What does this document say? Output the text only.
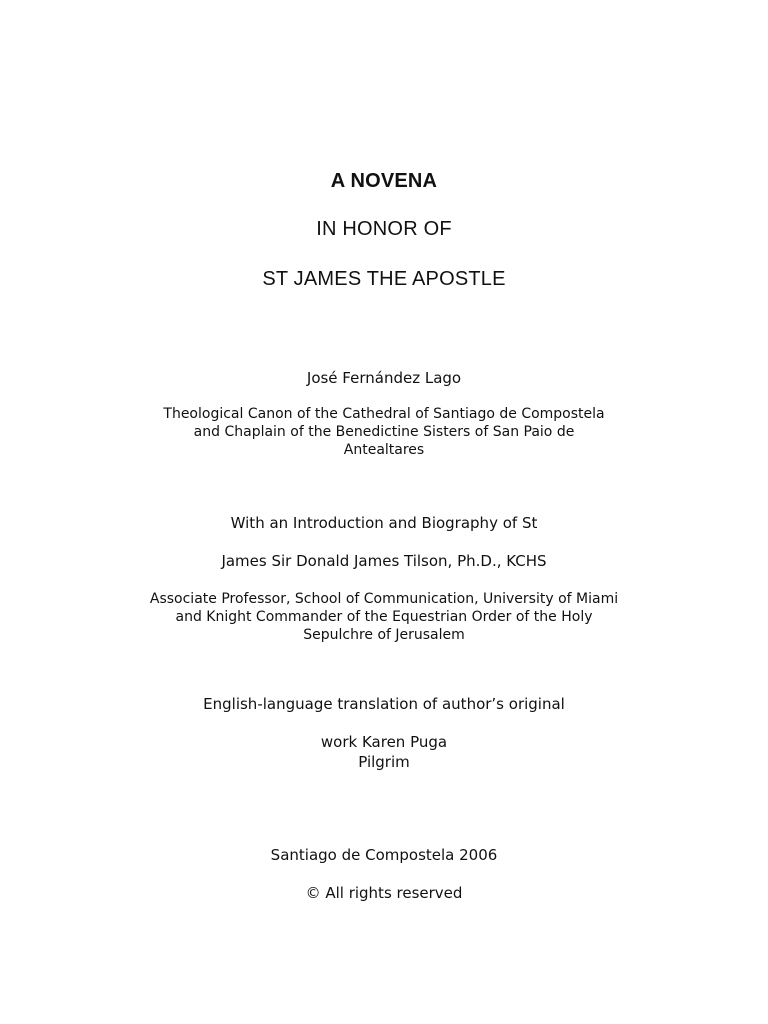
A NOVENA
IN HONOR OF
ST JAMES THE APOSTLE

José Fernández Lago

Theological Canon of the Cathedral of Santiago de Compostela
and Chaplain of the Benedictine Sisters of San Paio de
Antealtares

With an Introduction and Biography of St

James Sir Donald James Tilson, Ph.D., KCHS

Associate Professor, School of Communication, University of Miami
and Knight Commander of the Equestrian Order of the Holy
Sepulchre of Jerusalem

English-language translation of author’s original

work Karen Puga

Pilgrim

Santiago de Compostela 2006

© All rights reserved
